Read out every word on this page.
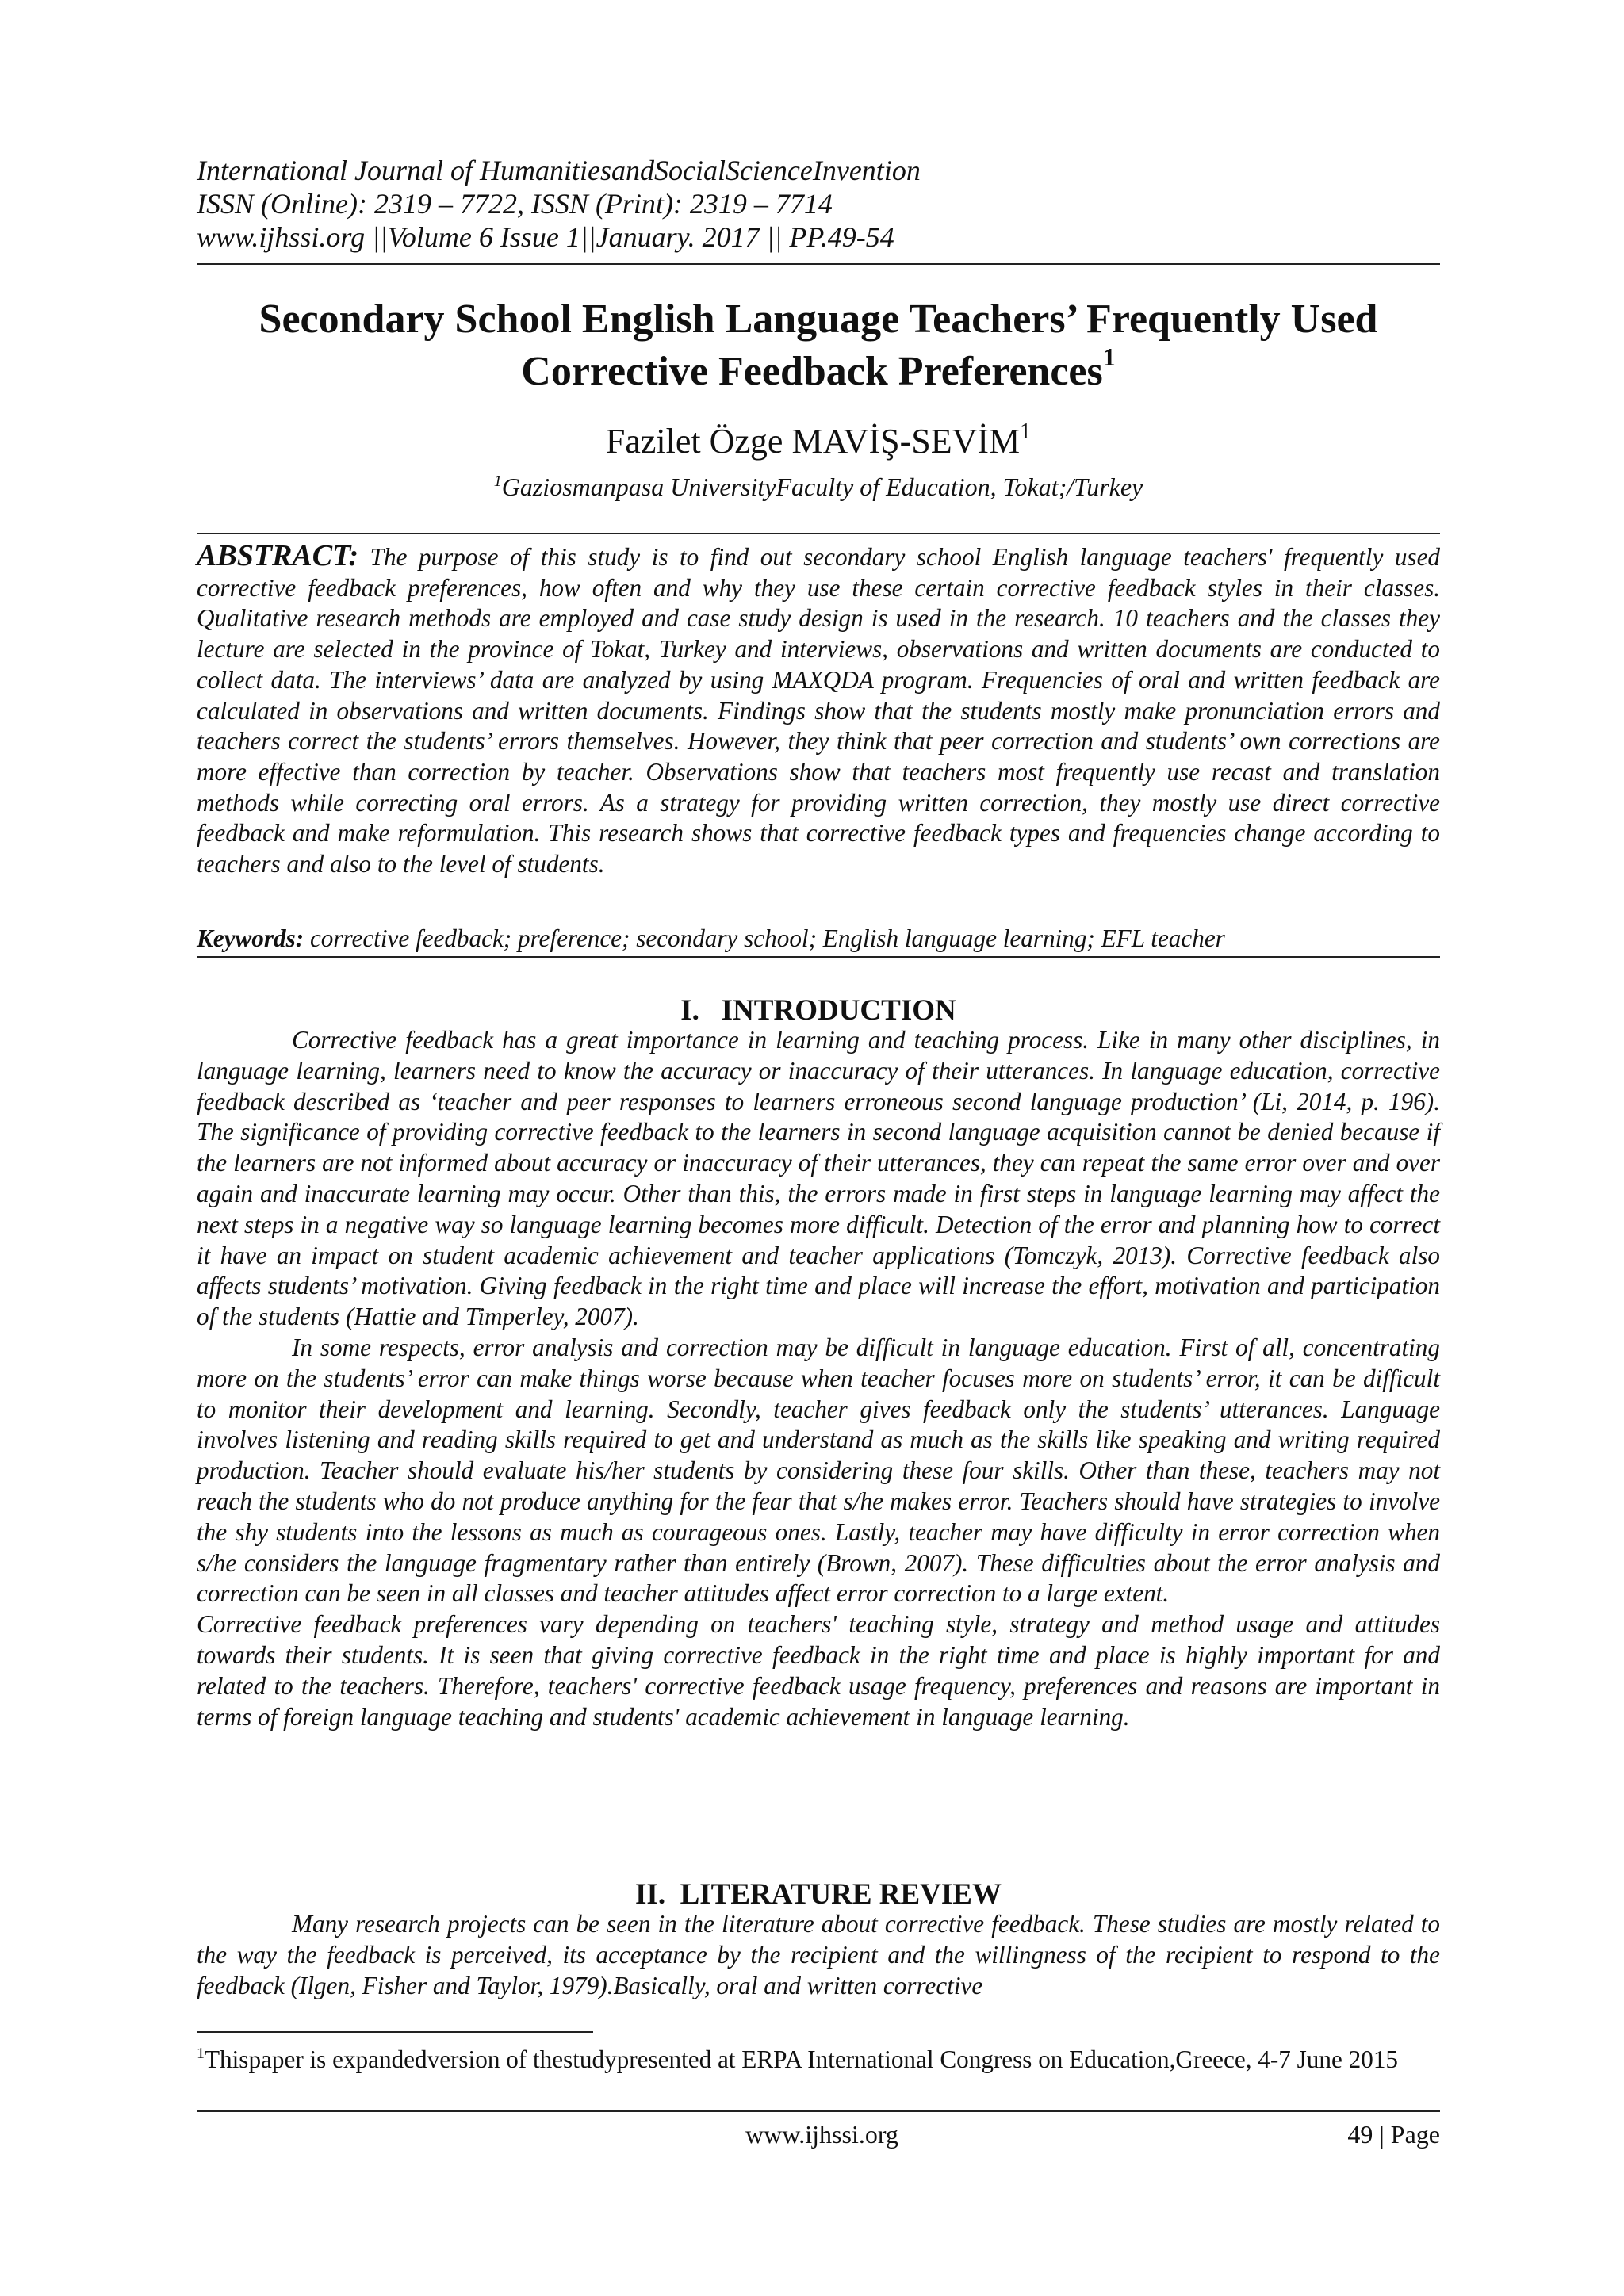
International Journal of HumanitiesandSocialScienceInvention
ISSN (Online): 2319 – 7722, ISSN (Print): 2319 – 7714
www.ijhssi.org ||Volume 6 Issue 1||January. 2017 || PP.49-54
Secondary School English Language Teachers’ Frequently Used
Corrective Feedback Preferences$^1$
Fazilet Özge MAVİŞ-SEVİM$^1$
$^1$Gaziosmanpasa UniversityFaculty of Education, Tokat;/Turkey
ABSTRACT: The purpose of this study is to find out secondary school English language teachers' frequently used corrective feedback preferences, how often and why they use these certain corrective feedback styles in their classes. Qualitative research methods are employed and case study design is used in the research. 10 teachers and the classes they lecture are selected in the province of Tokat, Turkey and interviews, observations and written documents are conducted to collect data. The interviews’ data are analyzed by using MAXQDA program. Frequencies of oral and written feedback are calculated in observations and written documents. Findings show that the students mostly make pronunciation errors and teachers correct the students’ errors themselves. However, they think that peer correction and students’ own corrections are more effective than correction by teacher. Observations show that teachers most frequently use recast and translation methods while correcting oral errors. As a strategy for providing written correction, they mostly use direct corrective feedback and make reformulation. This research shows that corrective feedback types and frequencies change according to teachers and also to the level of students.
Keywords: corrective feedback; preference; secondary school; English language learning; EFL teacher
I.   INTRODUCTION

Corrective feedback has a great importance in learning and teaching process. Like in many other disciplines, in language learning, learners need to know the accuracy or inaccuracy of their utterances. In language education, corrective feedback described as ‘teacher and peer responses to learners erroneous second language production’ (Li, 2014, p. 196). The significance of providing corrective feedback to the learners in second language acquisition cannot be denied because if the learners are not informed about accuracy or inaccuracy of their utterances, they can repeat the same error over and over again and inaccurate learning may occur. Other than this, the errors made in first steps in language learning may affect the next steps in a negative way so language learning becomes more difficult. Detection of the error and planning how to correct it have an impact on student academic achievement and teacher applications (Tomczyk, 2013). Corrective feedback also affects students’ motivation. Giving feedback in the right time and place will increase the effort, motivation and participation of the students (Hattie and Timperley, 2007).

In some respects, error analysis and correction may be difficult in language education. First of all, concentrating more on the students’ error can make things worse because when teacher focuses more on students’ error, it can be difficult to monitor their development and learning. Secondly, teacher gives feedback only the students’ utterances. Language involves listening and reading skills required to get and understand as much as the skills like speaking and writing required production. Teacher should evaluate his/her students by considering these four skills. Other than these, teachers may not reach the students who do not produce anything for the fear that s/he makes error. Teachers should have strategies to involve the shy students into the lessons as much as courageous ones. Lastly, teacher may have difficulty in error correction when s/he considers the language fragmentary rather than entirely (Brown, 2007). These difficulties about the error analysis and correction can be seen in all classes and teacher attitudes affect error correction to a large extent.

Corrective feedback preferences vary depending on teachers' teaching style, strategy and method usage and attitudes towards their students. It is seen that giving corrective feedback in the right time and place is highly important for and related to the teachers. Therefore, teachers' corrective feedback usage frequency, preferences and reasons are important in terms of foreign language teaching and students' academic achievement in language learning.

II.  LITERATURE REVIEW

Many research projects can be seen in the literature about corrective feedback. These studies are mostly related to the way the feedback is perceived, its acceptance by the recipient and the willingness of the recipient to respond to the feedback (Ilgen, Fisher and Taylor, 1979).Basically, oral and written corrective

$^1$Thispaper is expandedversion of thestudypresented at ERPA International Congress on Education,Greece, 4-7 June 2015
www.ijhssi.org	49 | Page
